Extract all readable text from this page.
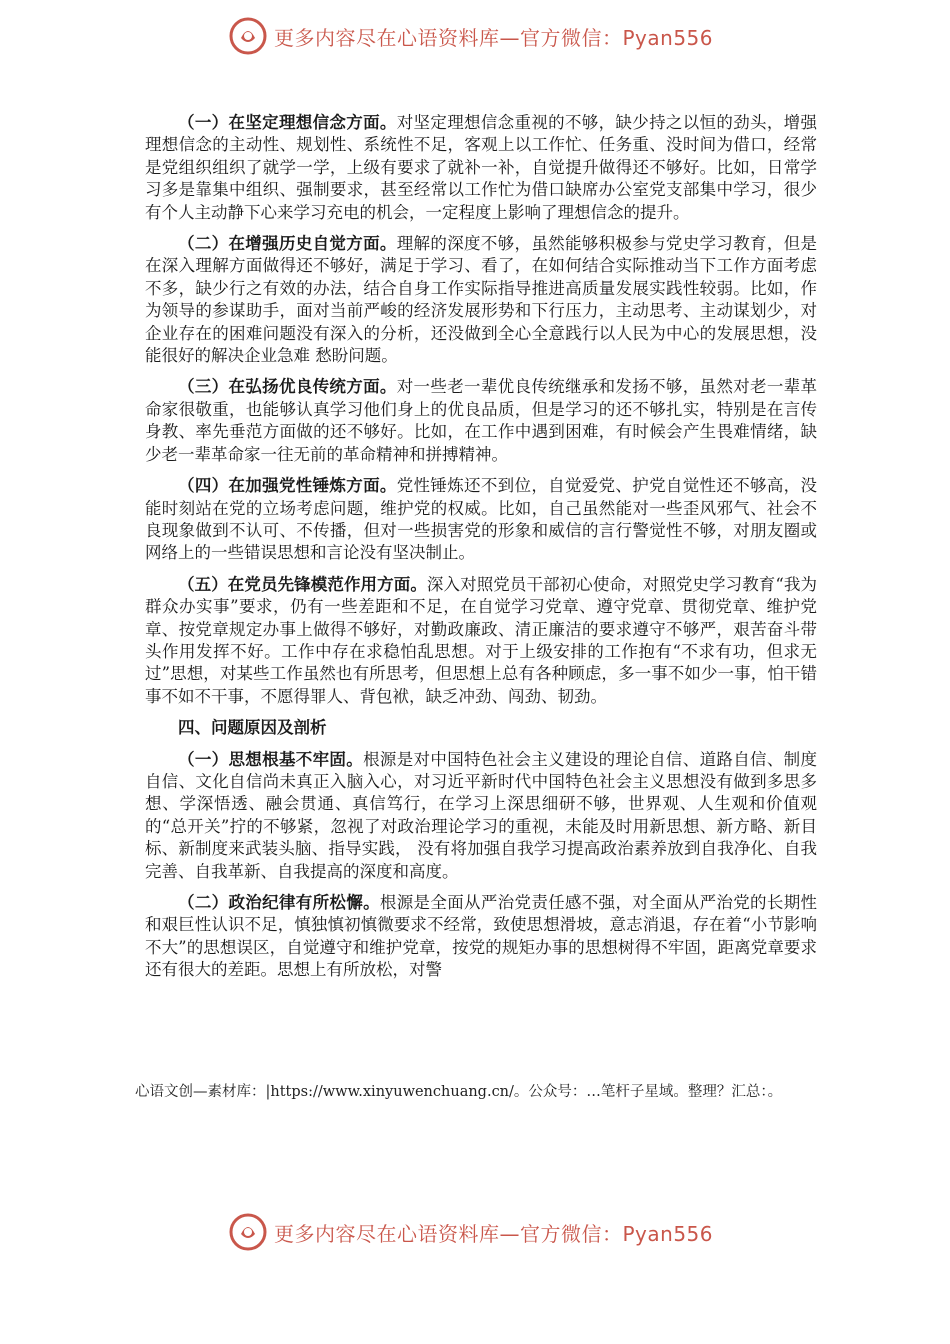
更多内容尽在心语资料库—官方微信：Pyan556

（一）在坚定理想信念方面。对坚定理想信念重视的不够，缺少持之以恒的劲头，增强理想信念的主动性、规划性、系统性不足，客观上以工作忙、任务重、没时间为借口，经常是党组织组织了就学一学，上级有要求了就补一补，自觉提升做得还不够好。比如，日常学习多是靠集中组织、强制要求，甚至经常以工作忙为借口缺席办公室党支部集中学习，很少有个人主动静下心来学习充电的机会，一定程度上影响了理想信念的提升。

（二）在增强历史自觉方面。理解的深度不够，虽然能够积极参与党史学习教育，但是在深入理解方面做得还不够好，满足于学习、看了，在如何结合实际推动当下工作方面考虑不多，缺少行之有效的办法，结合自身工作实际指导推进高质量发展实践性较弱。比如，作为领导的参谋助手，面对当前严峻的经济发展形势和下行压力，主动思考、主动谋划少，对企业存在的困难问题没有深入的分析，还没做到全心全意践行以人民为中心的发展思想，没能很好的解决企业急难 愁盼问题。

（三）在弘扬优良传统方面。对一些老一辈优良传统继承和发扬不够，虽然对老一辈革命家很敬重，也能够认真学习他们身上的优良品质，但是学习的还不够扎实，特别是在言传身教、率先垂范方面做的还不够好。比如，在工作中遇到困难，有时候会产生畏难情绪，缺少老一辈革命家一往无前的革命精神和拼搏精神。

（四）在加强党性锤炼方面。党性锤炼还不到位，自觉爱党、护党自觉性还不够高，没能时刻站在党的立场考虑问题，维护党的权威。比如，自己虽然能对一些歪风邪气、社会不良现象做到不认可、不传播，但对一些损害党的形象和威信的言行警觉性不够，对朋友圈或网络上的一些错误思想和言论没有坚决制止。

（五）在党员先锋模范作用方面。深入对照党员干部初心使命，对照党史学习教育“我为群众办实事”要求，仍有一些差距和不足，在自觉学习党章、遵守党章、贯彻党章、维护党章、按党章规定办事上做得不够好，对勤政廉政、清正廉洁的要求遵守不够严，艰苦奋斗带头作用发挥不好。工作中存在求稳怕乱思想。对于上级安排的工作抱有“不求有功，但求无过”思想，对某些工作虽然也有所思考，但思想上总有各种顾虑，多一事不如少一事，怕干错事不如不干事，不愿得罪人、背包袱，缺乏冲劲、闯劲、韧劲。

四、问题原因及剖析

（一）思想根基不牢固。根源是对中国特色社会主义建设的理论自信、道路自信、制度自信、文化自信尚未真正入脑入心，对习近平新时代中国特色社会主义思想没有做到多思多想、学深悟透、融会贯通、真信笃行，在学习上深思细研不够，世界观、人生观和价值观的“总开关”拧的不够紧，忽视了对政治理论学习的重视，未能及时用新思想、新方略、新目标、新制度来武装头脑、指导实践， 没有将加强自我学习提高政治素养放到自我净化、自我完善、自我革新、自我提高的深度和高度。

（二）政治纪律有所松懈。根源是全面从严治党责任感不强，对全面从严治党的长期性和艰巨性认识不足，慎独慎初慎微要求不经常，致使思想滑坡，意志消退，存在着“小节影响不大”的思想误区，自觉遵守和维护党章，按党的规矩办事的思想树得不牢固，距离党章要求还有很大的差距。思想上有所放松，对警

心语文创—素材库：|https://www.xinyuwenchuang.cn/。公众号：…笔杆子星域。整理？汇总：。
更多内容尽在心语资料库—官方微信：Pyan556
